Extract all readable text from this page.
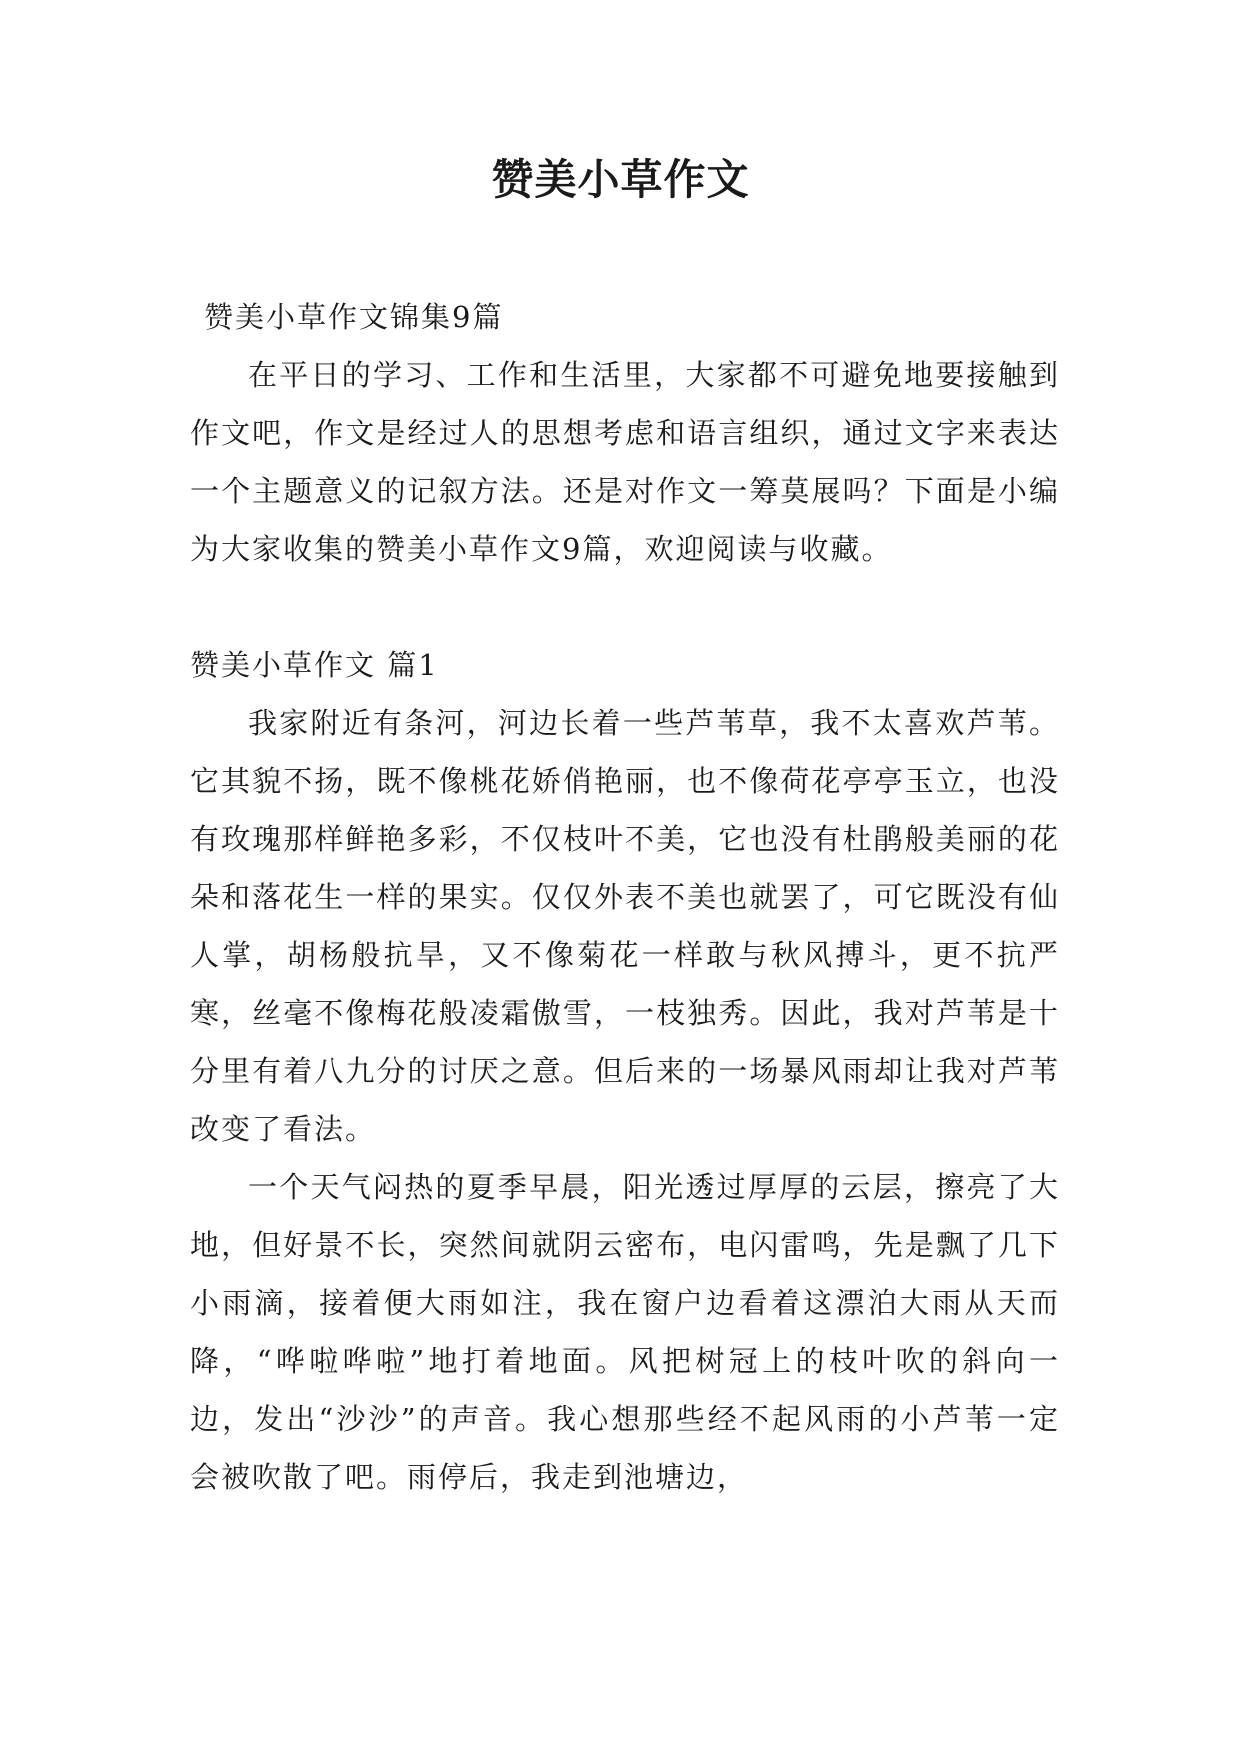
赞美小草作文

赞美小草作文锦集9篇

在平日的学习、工作和生活里，大家都不可避免地要接触到作文吧，作文是经过人的思想考虑和语言组织，通过文字来表达一个主题意义的记叙方法。还是对作文一筹莫展吗？下面是小编为大家收集的赞美小草作文9篇，欢迎阅读与收藏。

赞美小草作文 篇1

我家附近有条河，河边长着一些芦苇草，我不太喜欢芦苇。它其貌不扬，既不像桃花娇俏艳丽，也不像荷花亭亭玉立，也没有玫瑰那样鲜艳多彩，不仅枝叶不美，它也没有杜鹃般美丽的花朵和落花生一样的果实。仅仅外表不美也就罢了，可它既没有仙人掌，胡杨般抗旱，又不像菊花一样敢与秋风搏斗，更不抗严寒，丝毫不像梅花般凌霜傲雪，一枝独秀。因此，我对芦苇是十分里有着八九分的讨厌之意。但后来的一场暴风雨却让我对芦苇改变了看法。

一个天气闷热的夏季早晨，阳光透过厚厚的云层，擦亮了大地，但好景不长，突然间就阴云密布，电闪雷鸣，先是飘了几下小雨滴，接着便大雨如注，我在窗户边看着这漂泊大雨从天而降，“哗啦哗啦”地打着地面。风把树冠上的枝叶吹的斜向一边，发出“沙沙”的声音。我心想那些经不起风雨的小芦苇一定会被吹散了吧。雨停后，我走到池塘边，
